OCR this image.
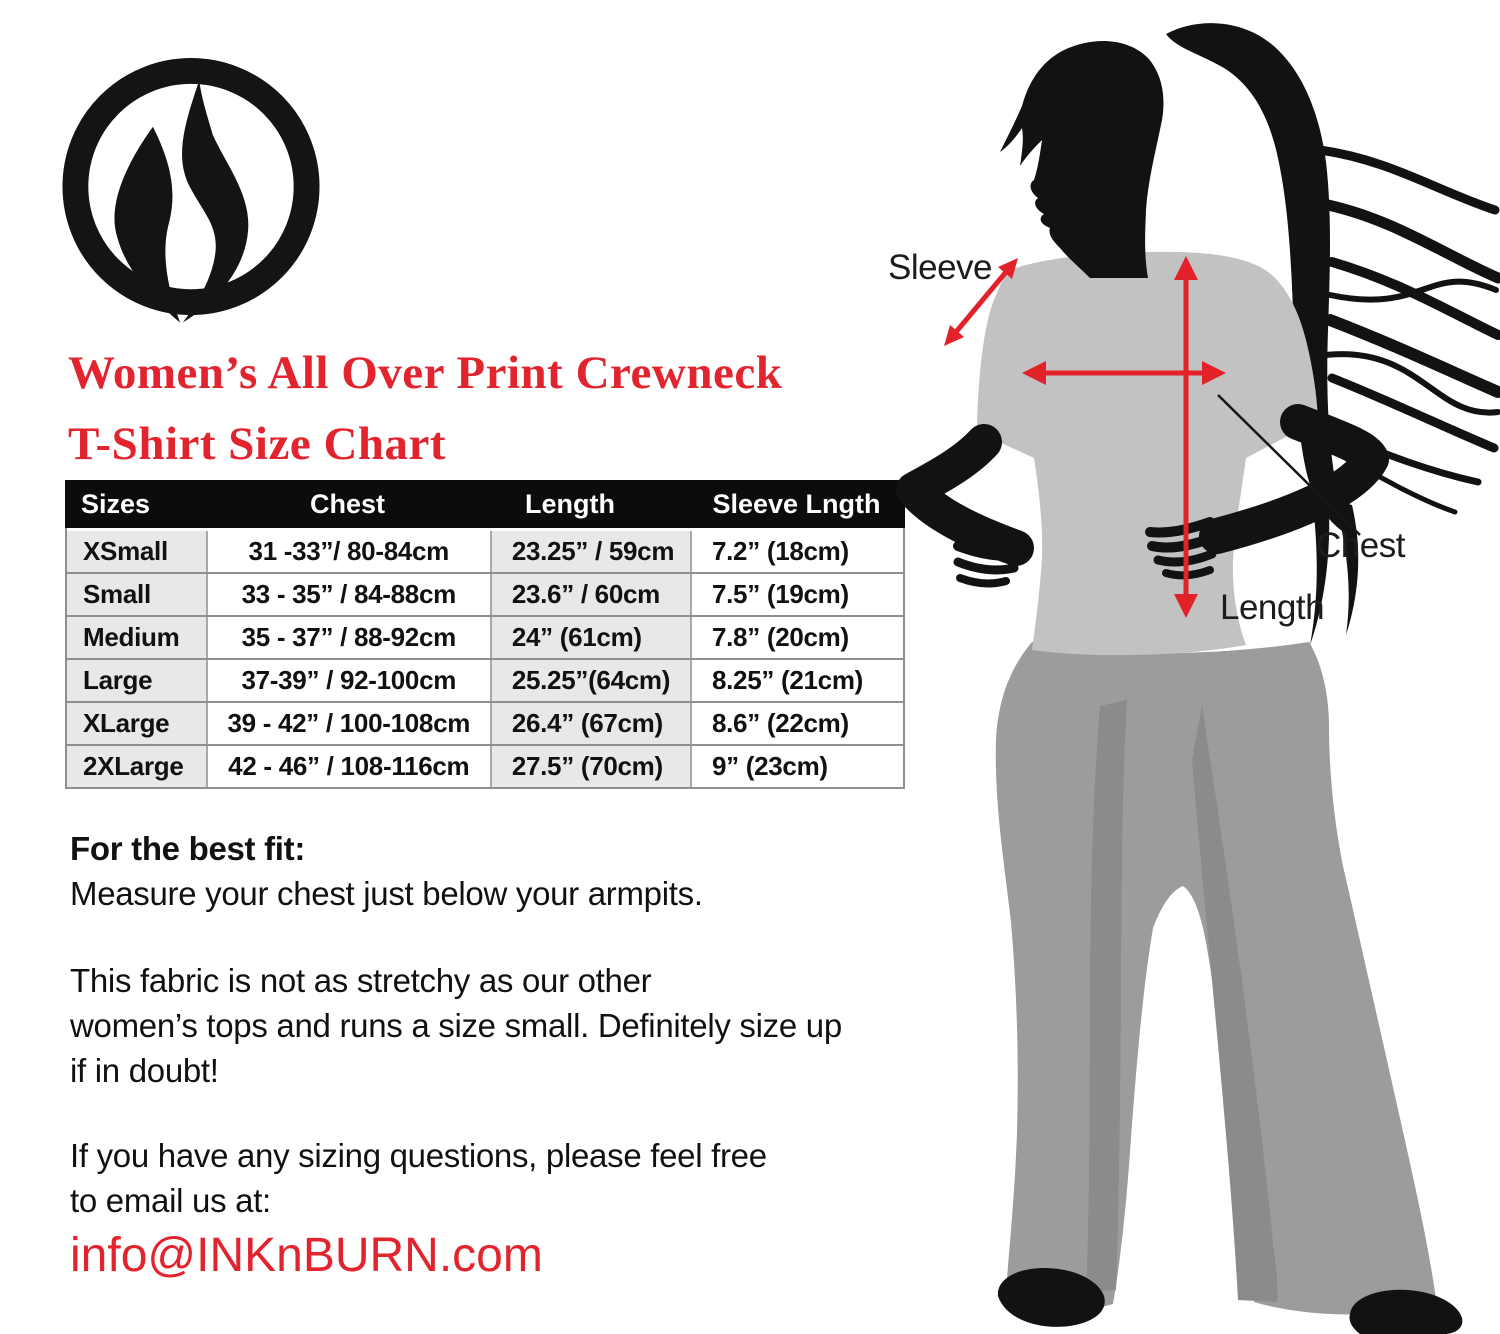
Women’s All Over Print Crewneck
T-Shirt Size Chart
Sizes	Chest	Length	Sleeve Lngth
XSmall	31 -33”/ 80-84cm	23.25” / 59cm	7.2” (18cm)
Small	33 - 35” / 84-88cm	23.6” / 60cm	7.5” (19cm)
Medium	35 - 37” / 88-92cm	24” (61cm)	7.8” (20cm)
Large	37-39” / 92-100cm	25.25”(64cm)	8.25” (21cm)
XLarge	39 - 42” / 100-108cm	26.4” (67cm)	8.6” (22cm)
2XLarge	42 - 46” / 108-116cm	27.5” (70cm)	9” (23cm)
For the best fit:
Measure your chest just below your armpits.
This fabric is not as stretchy as our other
women’s tops and runs a size small. Definitely size up
if in doubt!
If you have any sizing questions, please feel free
to email us at:
info@INKnBURN.com
Sleeve
Chest
Length
